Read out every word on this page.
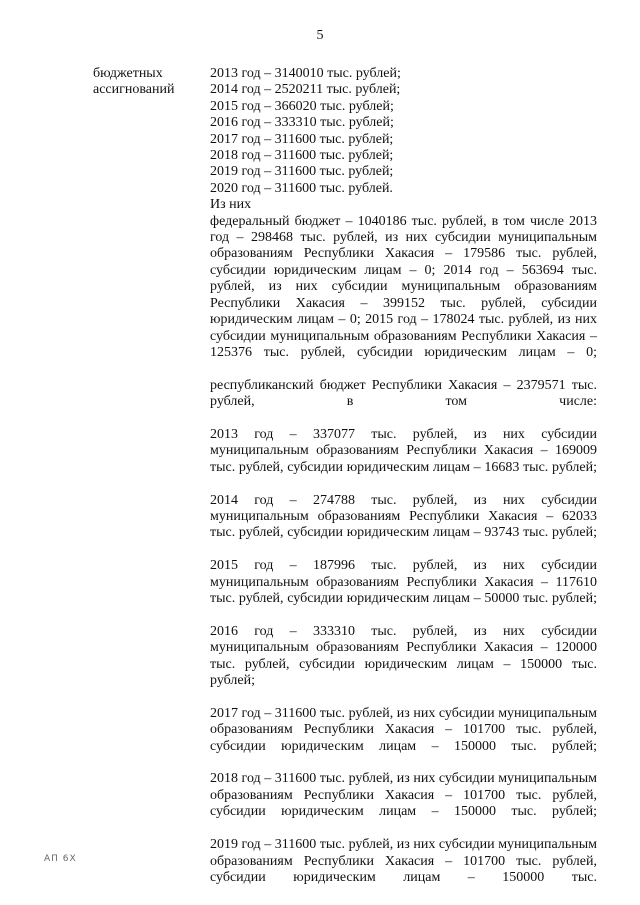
5
бюджетных
ассигнований
2013 год – 3140010 тыс. рублей;
2014 год – 2520211 тыс. рублей;
2015 год – 366020 тыс. рублей;
2016 год – 333310 тыс. рублей;
2017 год – 311600 тыс. рублей;
2018 год – 311600 тыс. рублей;
2019 год – 311600 тыс. рублей;
2020 год – 311600 тыс. рублей.
Из них
федеральный бюджет – 1040186 тыс. рублей, в том числе 2013 год – 298468 тыс. рублей, из них субсидии муниципальным образованиям Республики Хакасия – 179586 тыс. рублей, субсидии юридическим лицам – 0; 2014 год – 563694 тыс. рублей, из них субсидии муниципальным образованиям Республики Хакасия – 399152 тыс. рублей, субсидии юридическим лицам – 0; 2015 год – 178024 тыс. рублей, из них субсидии муниципальным образованиям Республики Хакасия – 125376 тыс. рублей, субсидии юридическим лицам – 0;
республиканский бюджет Республики Хакасия – 2379571 тыс. рублей, в том числе:
2013 год – 337077 тыс. рублей, из них субсидии муниципальным образованиям Республики Хакасия – 169009 тыс. рублей, субсидии юридическим лицам – 16683 тыс. рублей;
2014 год – 274788 тыс. рублей, из них субсидии муниципальным образованиям Республики Хакасия – 62033 тыс. рублей, субсидии юридическим лицам – 93743 тыс. рублей;
2015 год – 187996 тыс. рублей, из них субсидии муниципальным образованиям Республики Хакасия – 117610 тыс. рублей, субсидии юридическим лицам – 50000 тыс. рублей;
2016 год – 333310 тыс. рублей, из них субсидии муниципальным образованиям Республики Хакасия – 120000 тыс. рублей, субсидии юридическим лицам – 150000 тыс. рублей;
2017 год – 311600 тыс. рублей, из них субсидии муниципальным образованиям Республики Хакасия – 101700 тыс. рублей, субсидии юридическим лицам – 150000 тыс. рублей;
2018 год – 311600 тыс. рублей, из них субсидии муниципальным образованиям Республики Хакасия – 101700 тыс. рублей, субсидии юридическим лицам – 150000 тыс. рублей;
2019 год – 311600 тыс. рублей, из них субсидии муниципальным образованиям Республики Хакасия – 101700 тыс. рублей, субсидии юридическим лицам – 150000 тыс.
АП 6Х
